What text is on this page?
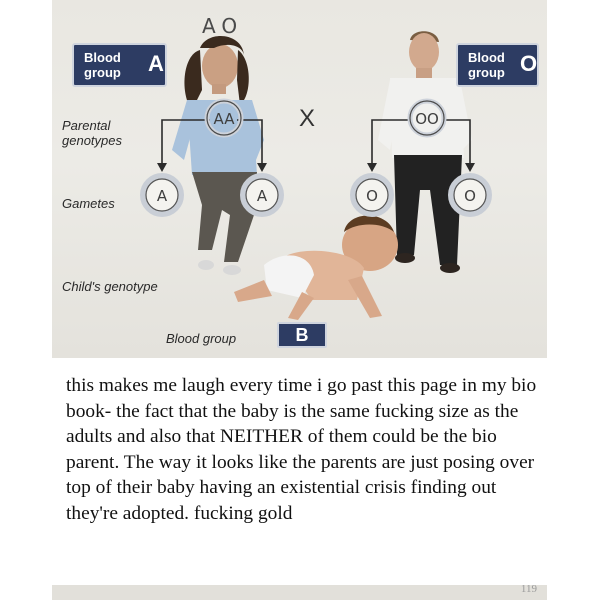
AA	OO
A	A	O	O
AO
Blood group	A	Blood group O
X
Parental genotypes
Gametes
Child's genotype
Blood group	B

this makes me laugh every time i go past this page in my bio book- the fact that the baby is the same fucking size as the adults and also that NEITHER of them could be the bio parent. The way it looks like the parents are just posing over top of their baby having an existential crisis finding out they're adopted. fucking gold

119
